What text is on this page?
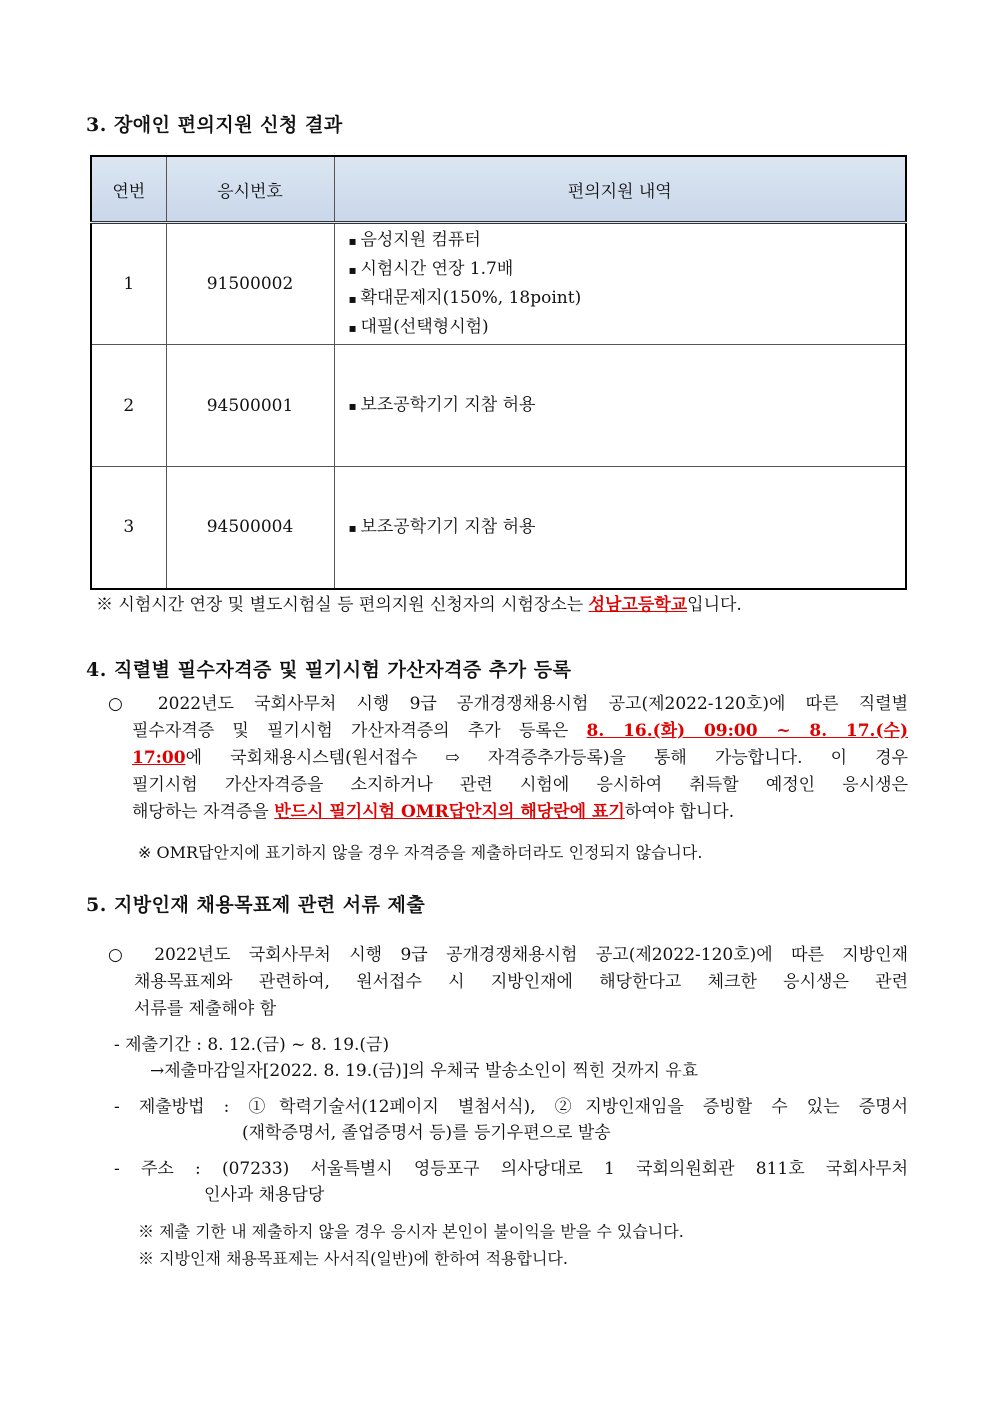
3. 장애인 편의지원 신청 결과
연번	응시번호	편의지원 내역
1	91500002	▪ 음성지원 컴퓨터
▪ 시험시간 연장 1.7배
▪ 확대문제지(150%, 18point)
▪ 대필(선택형시험)

2	94500001	▪ 보조공학기기 지참 허용

3	94500004	▪ 보조공학기기 지참 허용
※ 시험시간 연장 및 별도시험실 등 편의지원 신청자의 시험장소는 성남고등학교입니다.
4. 직렬별 필수자격증 및 필기시험 가산자격증 추가 등록
○ 2022년도 국회사무처 시행 9급 공개경쟁채용시험 공고(제2022-120호)에 따른 직렬별
필수자격증 및 필기시험 가산자격증의 추가 등록은 8. 16.(화) 09:00 ~ 8. 17.(수)
17:00에 국회채용시스템(원서접수 ⇨ 자격증추가등록)을 통해 가능합니다. 이 경우
필기시험 가산자격증을 소지하거나 관련 시험에 응시하여 취득할 예정인 응시생은
해당하는 자격증을 반드시 필기시험 OMR답안지의 해당란에 표기하여야 합니다.
※ OMR답안지에 표기하지 않을 경우 자격증을 제출하더라도 인정되지 않습니다.
5. 지방인재 채용목표제 관련 서류 제출
○ 2022년도 국회사무처 시행 9급 공개경쟁채용시험 공고(제2022-120호)에 따른 지방인재
채용목표제와 관련하여, 원서접수 시 지방인재에 해당한다고 체크한 응시생은 관련
서류를 제출해야 함
- 제출기간 : 8. 12.(금) ~ 8. 19.(금)
→제출마감일자[2022. 8. 19.(금)]의 우체국 발송소인이 찍힌 것까지 유효
- 제출방법 : ①학력기술서(12페이지 별첨서식), ②지방인재임을 증빙할 수 있는 증명서
(재학증명서, 졸업증명서 등)를 등기우편으로 발송
- 주소 : (07233) 서울특별시 영등포구 의사당대로 1 국회의원회관 811호 국회사무처
인사과 채용담당
※ 제출 기한 내 제출하지 않을 경우 응시자 본인이 불이익을 받을 수 있습니다.
※ 지방인재 채용목표제는 사서직(일반)에 한하여 적용합니다.
